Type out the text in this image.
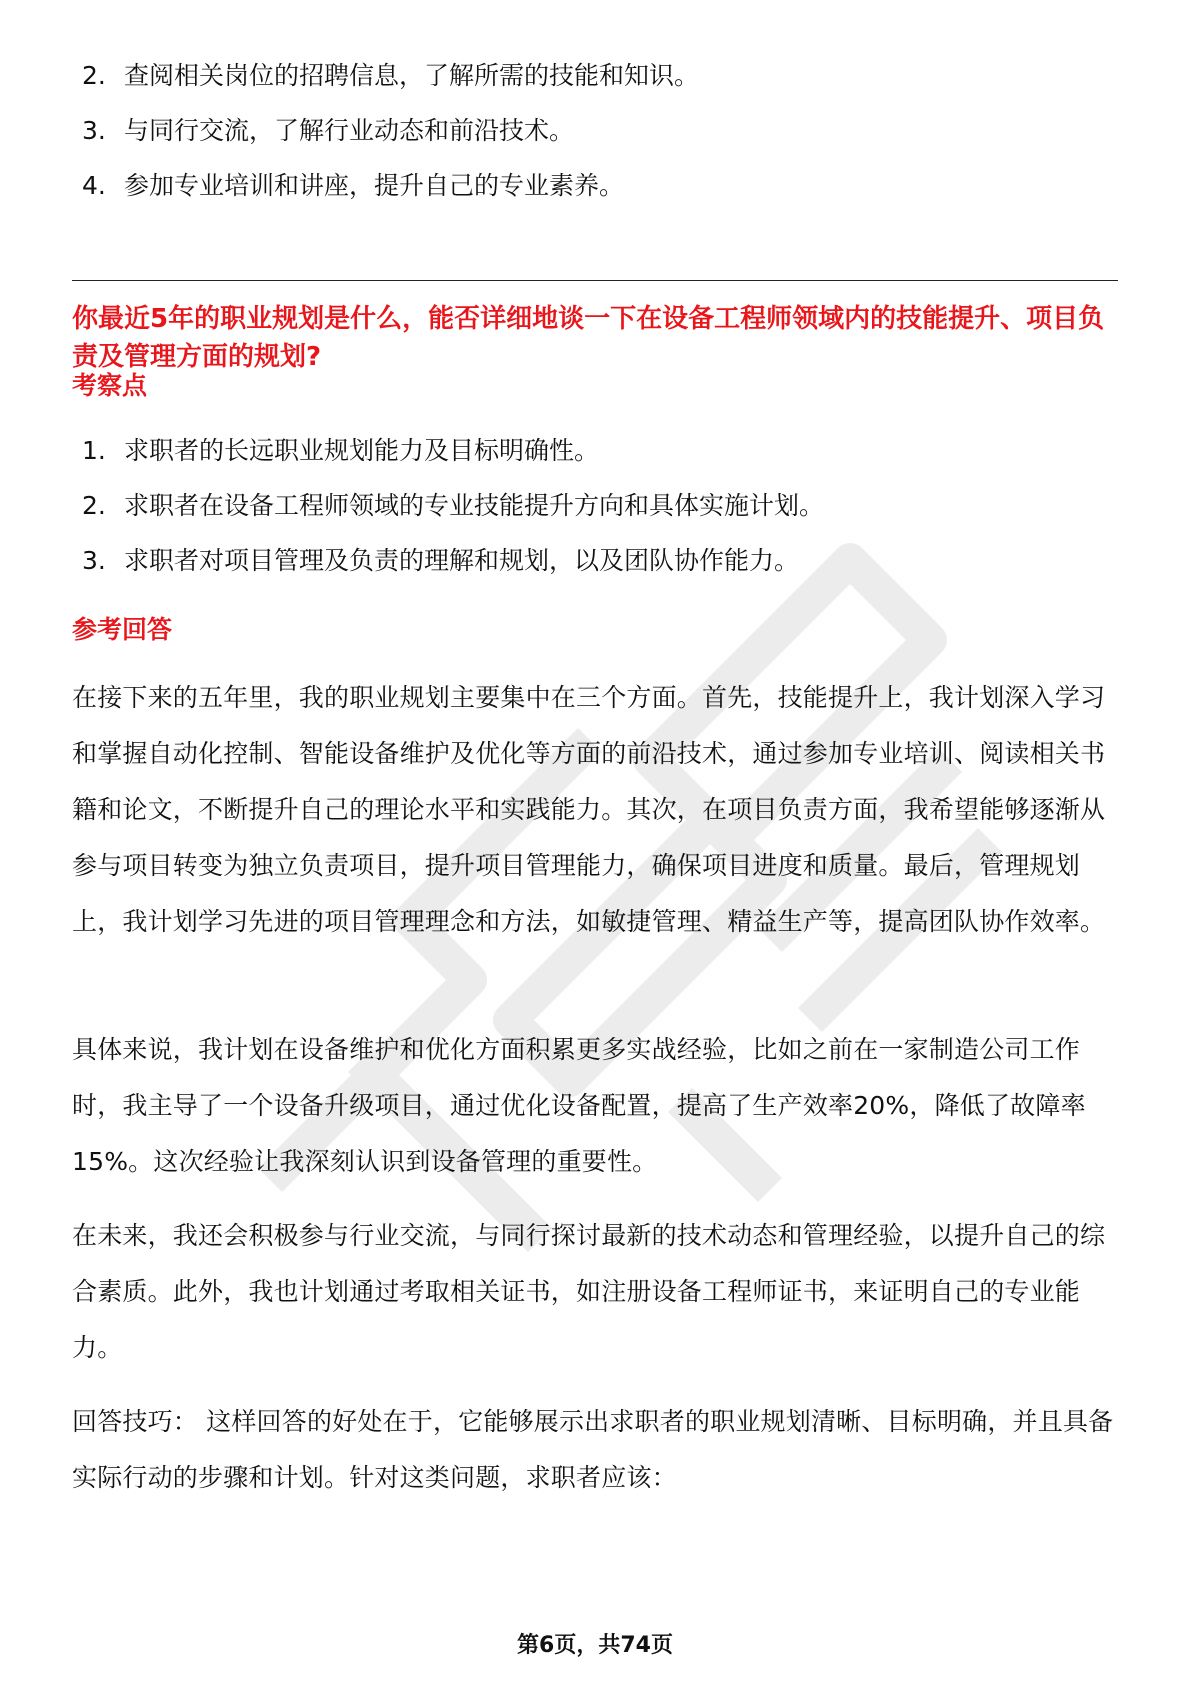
2. 查阅相关岗位的招聘信息，了解所需的技能和知识。
3. 与同行交流，了解行业动态和前沿技术。
4. 参加专业培训和讲座，提升自己的专业素养。
你最近5年的职业规划是什么，能否详细地谈一下在设备工程师领域内的技能提升、项目负责及管理方面的规划?
考察点
1. 求职者的长远职业规划能力及目标明确性。
2. 求职者在设备工程师领域的专业技能提升方向和具体实施计划。
3. 求职者对项目管理及负责的理解和规划，以及团队协作能力。
参考回答

在接下来的五年里，我的职业规划主要集中在三个方面。首先，技能提升上，我计划深入学习和掌握自动化控制、智能设备维护及优化等方面的前沿技术，通过参加专业培训、阅读相关书籍和论文，不断提升自己的理论水平和实践能力。其次，在项目负责方面，我希望能够逐渐从参与项目转变为独立负责项目，提升项目管理能力，确保项目进度和质量。最后，管理规划上，我计划学习先进的项目管理理念和方法，如敏捷管理、精益生产等，提高团队协作效率。

具体来说，我计划在设备维护和优化方面积累更多实战经验，比如之前在一家制造公司工作时，我主导了一个设备升级项目，通过优化设备配置，提高了生产效率20%，降低了故障率15%。这次经验让我深刻认识到设备管理的重要性。

在未来，我还会积极参与行业交流，与同行探讨最新的技术动态和管理经验，以提升自己的综合素质。此外，我也计划通过考取相关证书，如注册设备工程师证书，来证明自己的专业能力。

回答技巧： 这样回答的好处在于，它能够展示出求职者的职业规划清晰、目标明确，并且具备实际行动的步骤和计划。针对这类问题，求职者应该：

第6页，共74页
